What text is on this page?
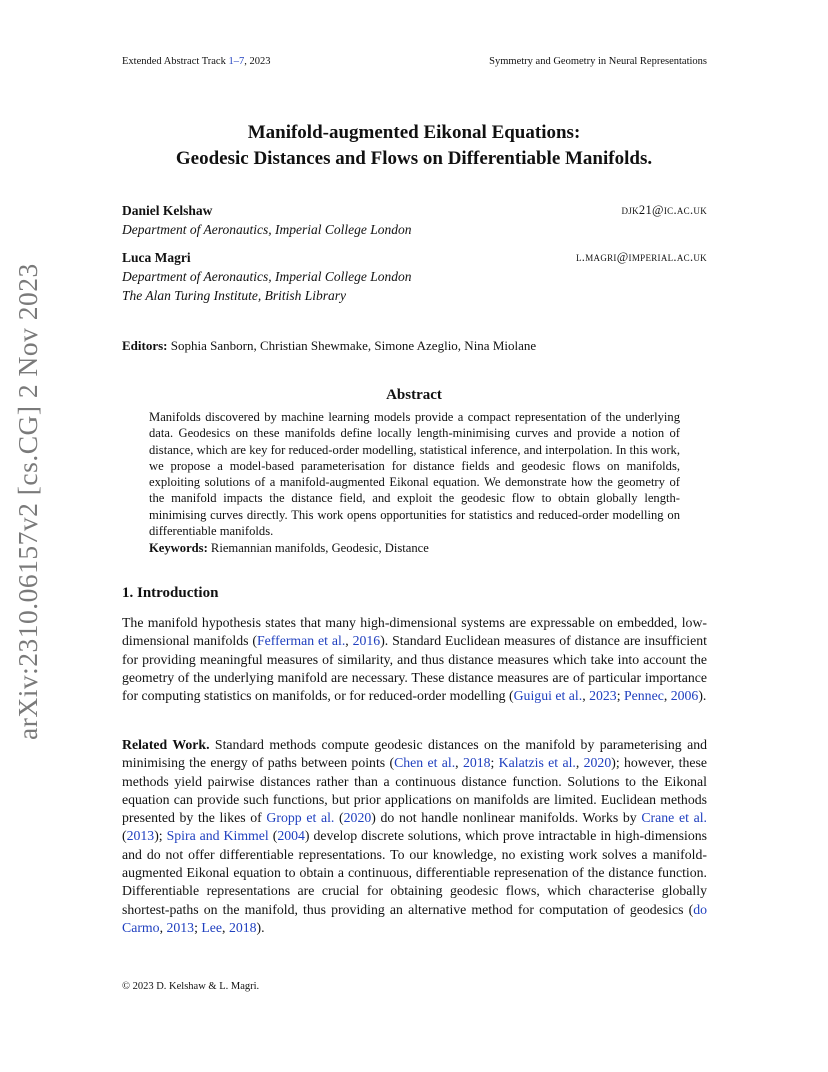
Extended Abstract Track 1–7, 2023	Symmetry and Geometry in Neural Representations
arXiv:2310.06157v2 [cs.CG] 2 Nov 2023
Manifold-augmented Eikonal Equations:
Geodesic Distances and Flows on Differentiable Manifolds.
Daniel Kelshaw	djk21@ic.ac.uk
Department of Aeronautics, Imperial College London
Luca Magri	l.magri@imperial.ac.uk
Department of Aeronautics, Imperial College London
The Alan Turing Institute, British Library
Editors: Sophia Sanborn, Christian Shewmake, Simone Azeglio, Nina Miolane
Abstract
Manifolds discovered by machine learning models provide a compact representation of the underlying data. Geodesics on these manifolds define locally length-minimising curves and provide a notion of distance, which are key for reduced-order modelling, statistical inference, and interpolation. In this work, we propose a model-based parameterisation for distance fields and geodesic flows on manifolds, exploiting solutions of a manifold-augmented Eikonal equation. We demonstrate how the geometry of the manifold impacts the distance field, and exploit the geodesic flow to obtain globally length-minimising curves directly. This work opens opportunities for statistics and reduced-order modelling on differentiable manifolds.
Keywords: Riemannian manifolds, Geodesic, Distance
1. Introduction
The manifold hypothesis states that many high-dimensional systems are expressable on embedded, low-dimensional manifolds (Fefferman et al., 2016). Standard Euclidean measures of distance are insufficient for providing meaningful measures of similarity, and thus distance measures which take into account the geometry of the underlying manifold are necessary. These distance measures are of particular importance for computing statistics on manifolds, or for reduced-order modelling (Guigui et al., 2023; Pennec, 2006).
Related Work. Standard methods compute geodesic distances on the manifold by parameterising and minimising the energy of paths between points (Chen et al., 2018; Kalatzis et al., 2020); however, these methods yield pairwise distances rather than a continuous distance function. Solutions to the Eikonal equation can provide such functions, but prior applications on manifolds are limited. Euclidean methods presented by the likes of Gropp et al. (2020) do not handle nonlinear manifolds. Works by Crane et al. (2013); Spira and Kimmel (2004) develop discrete solutions, which prove intractable in high-dimensions and do not offer differentiable representations. To our knowledge, no existing work solves a manifold-augmented Eikonal equation to obtain a continuous, differentiable represenation of the distance function. Differentiable representations are crucial for obtaining geodesic flows, which characterise globally shortest-paths on the manifold, thus providing an alternative method for computation of geodesics (do Carmo, 2013; Lee, 2018).
© 2023 D. Kelshaw & L. Magri.
